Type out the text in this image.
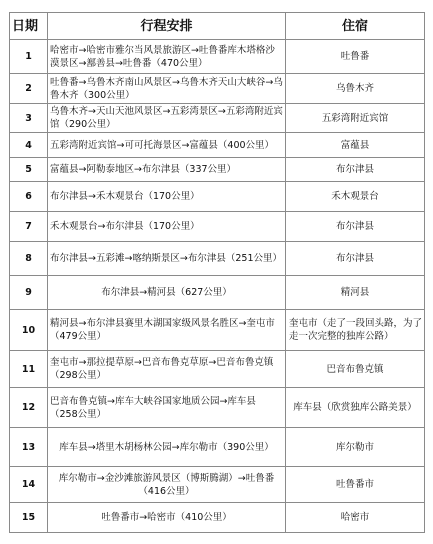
日期	行程安排	住宿
1	哈密市→哈密市雅尔当风景旅游区→吐鲁番库木塔格沙漠景区→鄯善县→吐鲁番（470公里）	吐鲁番
2	吐鲁番→乌鲁木齐南山风景区→乌鲁木齐天山大峡谷→乌鲁木齐（300公里）	乌鲁木齐
3	乌鲁木齐→天山天池风景区→五彩湾景区→五彩湾附近宾馆（290公里）	五彩湾附近宾馆
4	五彩湾附近宾馆→可可托海景区→富蕴县（400公里）	富蕴县
5	富蕴县→阿勒泰地区→布尔津县（337公里）	布尔津县
6	布尔津县→禾木观景台（170公里）	禾木观景台
7	禾木观景台→布尔津县（170公里）	布尔津县
8	布尔津县→五彩滩→喀纳斯景区→布尔津县（251公里）	布尔津县
9	布尔津县→精河县（627公里）	精河县
10	精河县→布尔津县赛里木湖国家级风景名胜区→奎屯市（479公里）	奎屯市（走了一段回头路，为了走一次完整的独库公路）
11	奎屯市→那拉提草原→巴音布鲁克草原→巴音布鲁克镇（298公里）	巴音布鲁克镇
12	巴音布鲁克镇→库车大峡谷国家地质公园→库车县（258公里）	库车县（欣赏独库公路美景）
13	库车县→塔里木胡杨林公园→库尔勒市（390公里）	库尔勒市
14	库尔勒市→金沙滩旅游风景区（博斯腾湖）→吐鲁番（416公里）	吐鲁番市
15	吐鲁番市→哈密市（410公里）	哈密市
